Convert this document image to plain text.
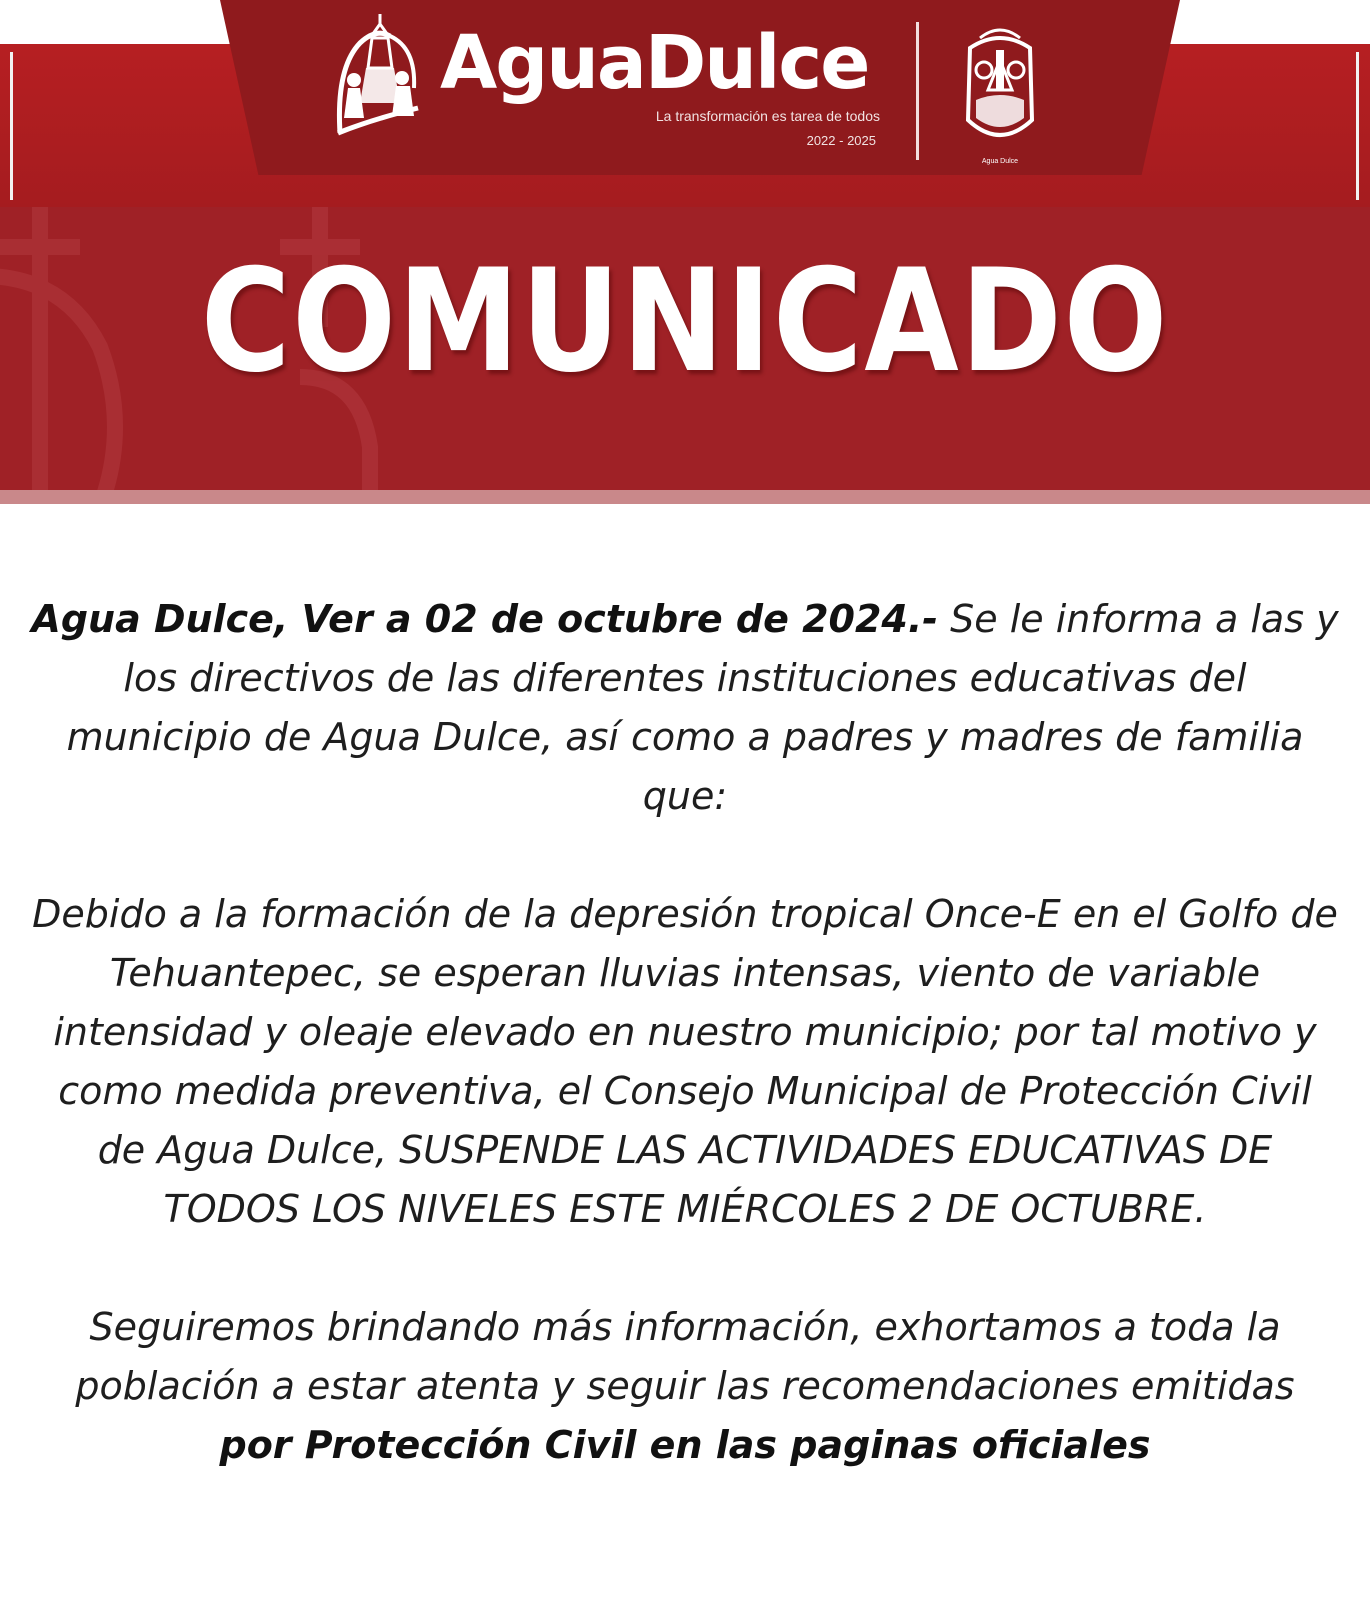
AguaDulce
La transformación es tarea de todos
2022 - 2025
Agua Dulce
COMUNICADO

Agua Dulce, Ver a 02 de octubre de 2024.- Se le informa a las y los directivos de las diferentes instituciones educativas del municipio de Agua Dulce, así como a padres y madres de familia que:

Debido a la formación de la depresión tropical Once-E en el Golfo de Tehuantepec, se esperan lluvias intensas, viento de variable intensidad y oleaje elevado en nuestro municipio; por tal motivo y como medida preventiva, el Consejo Municipal de Protección Civil de Agua Dulce, SUSPENDE LAS ACTIVIDADES EDUCATIVAS DE TODOS LOS NIVELES ESTE MIÉRCOLES 2 DE OCTUBRE.

Seguiremos brindando más información, exhortamos a toda la población a estar atenta y seguir las recomendaciones emitidas
por Protección Civil en las paginas oficiales
